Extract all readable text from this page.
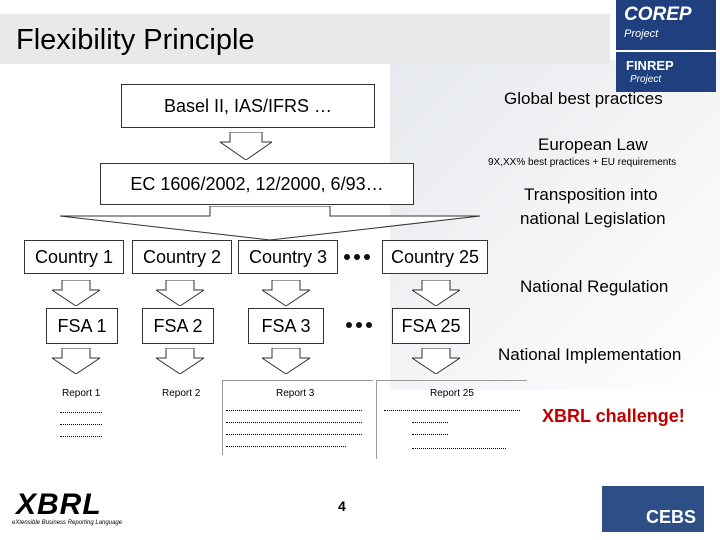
Flexibility Principle
COREP
Project
FINREP
Project
Basel II, IAS/IFRS …	Global best practices
European Law
9X,XX% best practices + EU requirements
EC 1606/2002, 12/2000, 6/93…
Transposition into
national Legislation
Country 1	Country 2	Country 3	Country 25
National Regulation
FSA 1	FSA 2	FSA 3	FSA 25
National Implementation
Report 1	Report 2	Report 3	Report 25
XBRL challenge!
XBRL
eXtensible Business Reporting Language
4
CEBS
